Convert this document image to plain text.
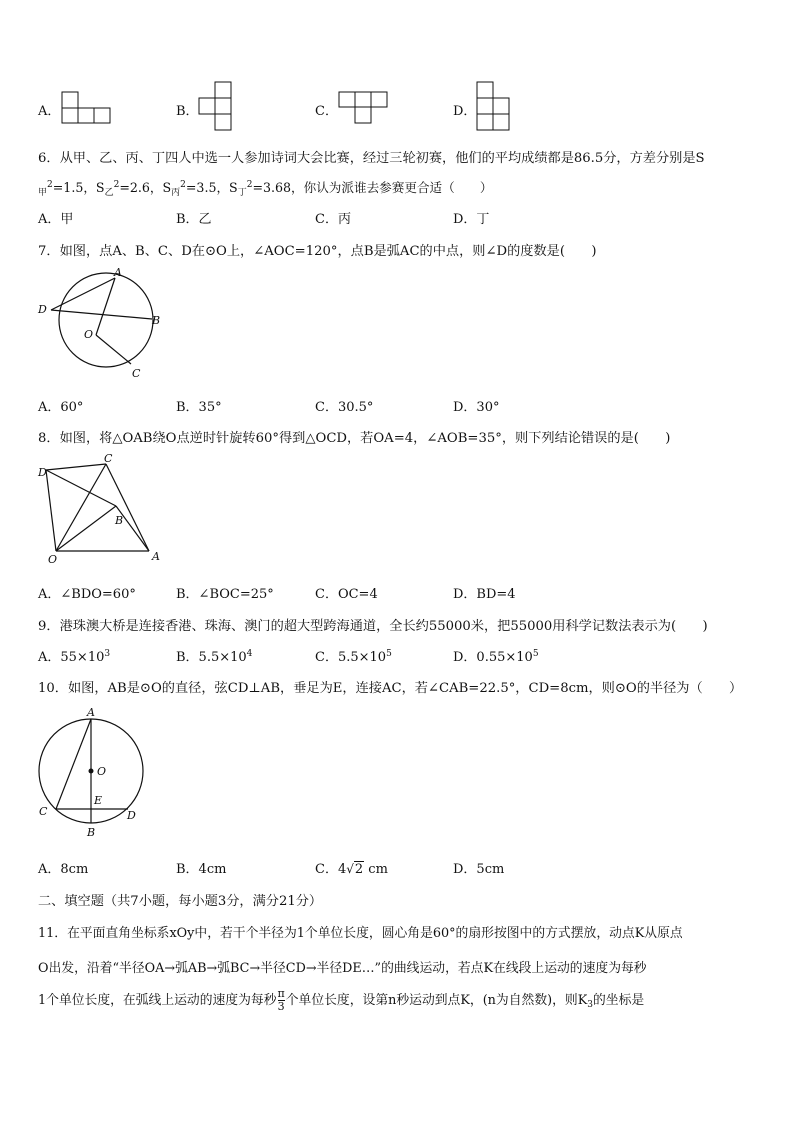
A．	B．	C．	D．
6．从甲、乙、丙、丁四人中选一人参加诗词大会比赛，经过三轮初赛，他们的平均成绩都是86.5分，方差分别是S
$_甲^2$=1.5，$S_乙^2=2.6$，$S_丙^2=3.5$，$S_丁^2=3.68$，你认为派谁去参赛更合适（　　）
A．甲	B．乙	C．丙	D．丁
7．如图，点A、B、C、D在⊙O上，∠AOC=120°，点B是弧AC的中点，则∠D的度数是(　　)
A
D
B
O
C
A．60°	B．35°	C．30.5°	D．30°
8．如图，将△OAB绕O点逆时针旋转60°得到△OCD，若OA=4，∠AOB=35°，则下列结论错误的是(　　)
D
C
B
O	A
A．∠BDO=60°	B．∠BOC=25°	C．OC=4	D．BD=4
9．港珠澳大桥是连接香港、珠海、澳门的超大型跨海通道，全长约55000米，把55000用科学记数法表示为(　　)
A．$55\times 10^3$	B．$5.5\times 10^4$	C．$5.5\times 10^5$	D．$0.55\times 10^5$
10．如图，AB是⊙O的直径，弦CD⊥AB，垂足为E，连接AC，若∠CAB=22.5°，CD=8cm，则⊙O的半径为（　　）
A
O
E
C	D
B
A．8cm	B．4cm	C．4√2 cm	D．5cm
二、填空题（共7小题，每小题3分，满分21分）
11．在平面直角坐标系xOy中，若干个半径为1个单位长度，圆心角是60°的扇形按图中的方式摆放，动点K从原点
O出发，沿着“半径OA→弧AB→弧BC→半径CD→半径DE…”的曲线运动，若点K在线段上运动的速度为每秒
1个单位长度，在弧线上运动的速度为每秒 $\frac{\pi}{3}$ 个单位长度，设第n秒运动到点K，(n为自然数)，则$K_3$的坐标是
